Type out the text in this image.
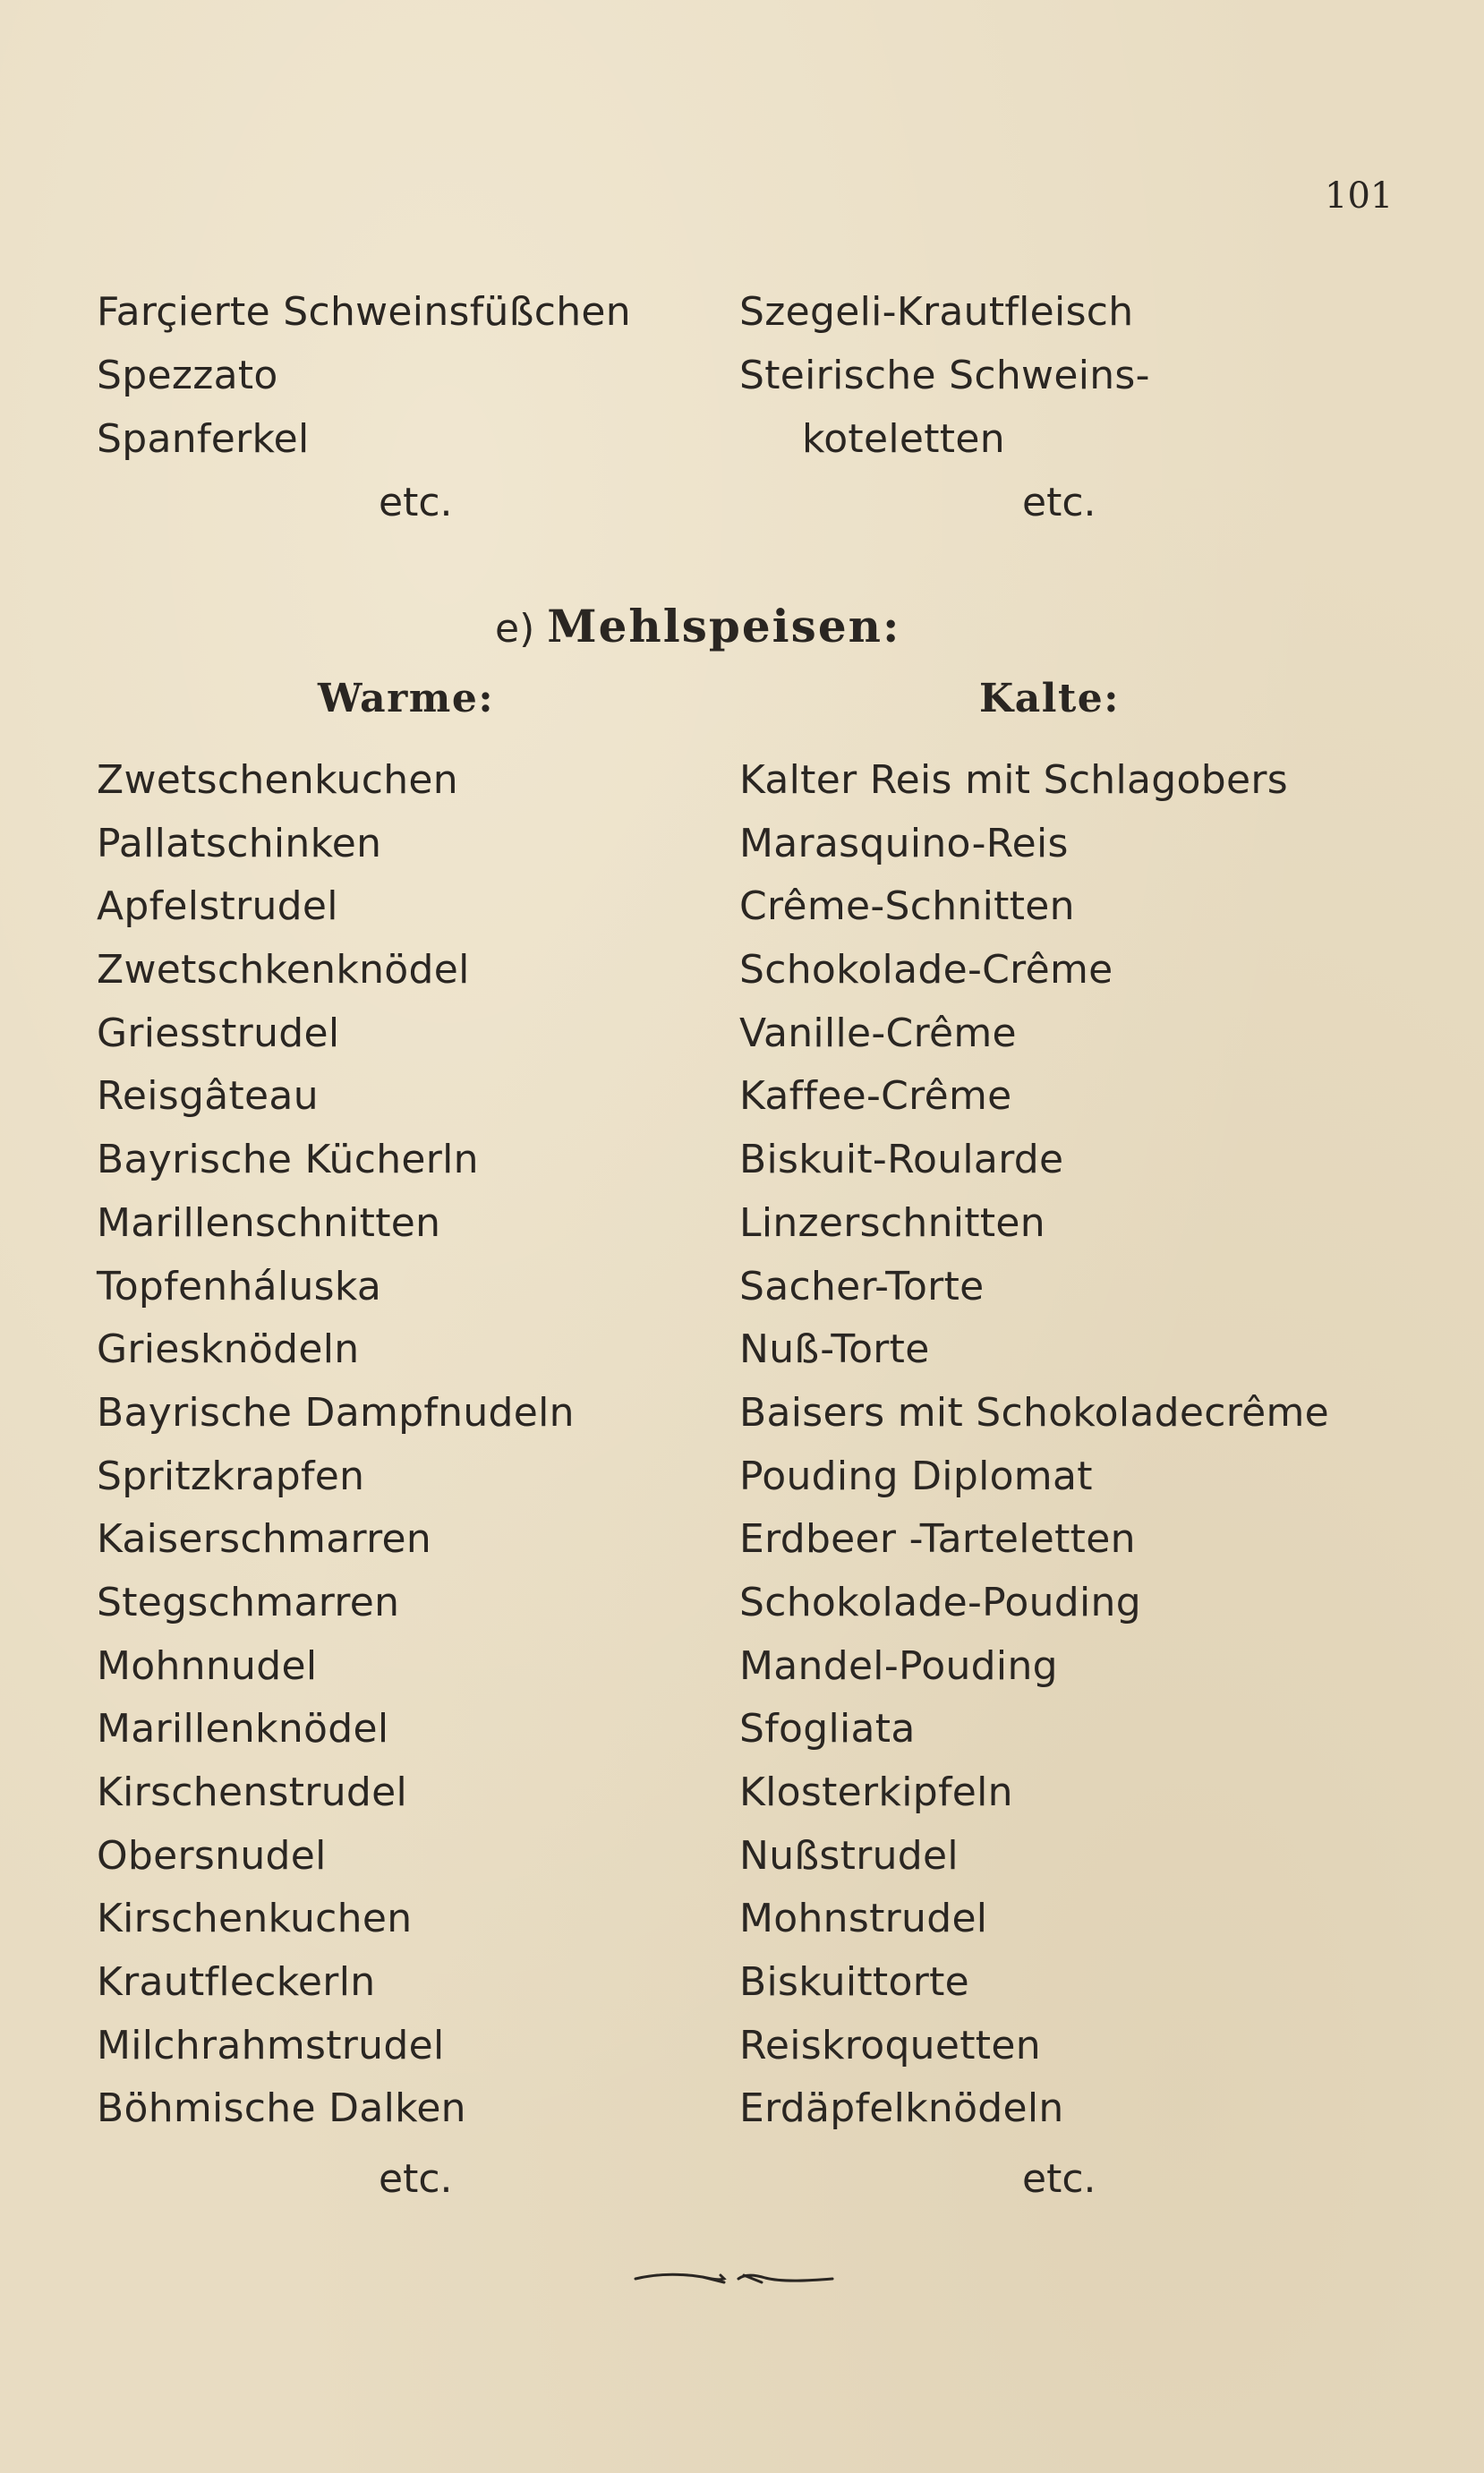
101
Farçierte Schweinsfüßchen
Spezzato
Spanferkel
etc.
Szegeli-Krautfleisch
Steirische Schweins-
koteletten
etc.
e) Mehlspeisen:
Warme:	Kalte:
Zwetschenkuchen
Pallatschinken
Apfelstrudel
Zwetschkenknödel
Griesstrudel
Reisgâteau
Bayrische Kücherln
Marillenschnitten
Topfenháluska
Griesknödeln
Bayrische Dampfnudeln
Spritzkrapfen
Kaiserschmarren
Stegschmarren
Mohnnudel
Marillenknödel
Kirschenstrudel
Obersnudel
Kirschenkuchen
Krautfleckerln
Milchrahmstrudel
Böhmische Dalken
etc.
Kalter Reis mit Schlagobers
Marasquino-Reis
Crême-Schnitten
Schokolade-Crême
Vanille-Crême
Kaffee-Crême
Biskuit-Roularde
Linzerschnitten
Sacher-Torte
Nuß-Torte
Baisers mit Schokoladecrême
Pouding Diplomat
Erdbeer -Tarteletten
Schokolade-Pouding
Mandel-Pouding
Sfogliata
Klosterkipfeln
Nußstrudel
Mohnstrudel
Biskuittorte
Reiskroquetten
Erdäpfelknödeln
etc.
